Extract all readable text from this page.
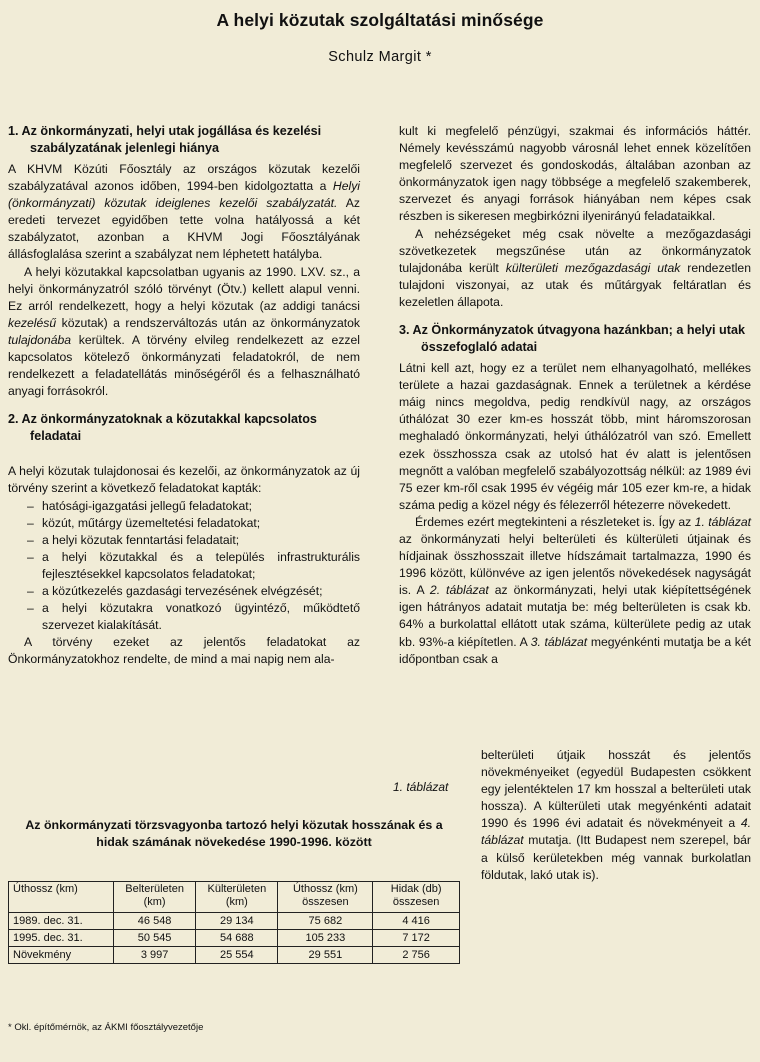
A helyi közutak szolgáltatási minősége
Schulz Margit *
1. Az önkormányzati, helyi utak jogállása és kezelési szabályzatának jelenlegi hiánya

A KHVM Közúti Főosztály az országos közutak kezelői szabályzatával azonos időben, 1994-ben kidolgoztatta a Helyi (önkormányzati) közutak ideiglenes kezelői szabályzatát. Az eredeti tervezet egyidőben tette volna hatályossá a két szabályzatot, azonban a KHVM Jogi Főosztályának állásfoglalása szerint a szabályzat nem léphetett hatályba.

A helyi közutakkal kapcsolatban ugyanis az 1990. LXV. sz., a helyi önkormányzatról szóló törvényt (Ötv.) kellett alapul venni. Ez arról rendelkezett, hogy a helyi közutak (az addigi tanácsi kezelésű közutak) a rendszerváltozás után az önkormányzatok tulajdonába kerültek. A törvény elvileg rendelkezett az ezzel kapcsolatos kötelező önkormányzati feladatokról, de nem rendelkezett a feladatellátás minőségéről és a felhasználható anyagi forrásokról.

2. Az önkormányzatoknak a közutakkal kapcsolatos feladatai

A helyi közutak tulajdonosai és kezelői, az önkormányzatok az új törvény szerint a következő feladatokat kapták:

– hatósági-igazgatási jellegű feladatokat;
– közút, műtárgy üzemeltetési feladatokat;
– a helyi közutak fenntartási feladatait;
– a helyi közutakkal és a település infrastrukturális fejlesztésekkel kapcsolatos feladatokat;
– a közútkezelés gazdasági tervezésének elvégzését;
– a helyi közutakra vonatkozó ügyintéző, működtető szervezet kialakítását.

A törvény ezeket az jelentős feladatokat az Önkormányzatokhoz rendelte, de mind a mai napig nem ala-

kult ki megfelelő pénzügyi, szakmai és információs háttér. Némely kevésszámú nagyobb városnál lehet ennek közelítően megfelelő szervezet és gondoskodás, általában azonban az önkormányzatok igen nagy többsége a megfelelő szakemberek, szervezet és anyagi források hiányában nem képes csak részben is sikeresen megbirkózni ilyenirányú feladataikkal.

A nehézségeket még csak növelte a mezőgazdasági szövetkezetek megszűnése után az önkormányzatok tulajdonába került külterületi mezőgazdasági utak rendezetlen tulajdoni viszonyai, az utak és műtárgyak feltáratlan és kezeletlen állapota.

3. Az Önkormányzatok útvagyona hazánkban; a helyi utak összefoglaló adatai

Látni kell azt, hogy ez a terület nem elhanyagolható, mellékes területe a hazai gazdaságnak. Ennek a területnek a kérdése máig nincs megoldva, pedig rendkívül nagy, az országos úthálózat 30 ezer km-es hosszát több, mint háromszorosan meghaladó önkormányzati, helyi úthálózatról van szó. Emellett ezek összhossza csak az utolsó hat év alatt is jelentősen megnőtt a valóban megfelelő szabályozottság nélkül: az 1989 évi 75 ezer km-ről csak 1995 év végéig már 105 ezer km-re, a hidak száma pedig a közel négy és félezerről hétezerre növekedett.

Érdemes ezért megtekinteni a részleteket is. Így az 1. táblázat az önkormányzati helyi belterületi és külterületi útjainak és hídjainak összhosszait illetve hídszámait tartalmazza, 1990 és 1996 között, különvéve az igen jelentős növekedések nagyságát is. A 2. táblázat az önkormányzati, helyi utak kiépítettségének igen hátrányos adatait mutatja be: még belterületen is csak kb. 64% a burkolattal ellátott utak száma, külterülete pedig az utak kb. 93%-a kiépítetlen. A 3. táblázat megyénkénti mutatja be a két időpontban csak a

belterületi útjaik hosszát és jelentős növekményeiket (egyedül Budapesten csökkent egy jelentéktelen 17 km hosszal a belterületi utak hossza). A külterületi utak megyénkénti adatait 1990 és 1996 évi adatait és növekményeit a 4. táblázat mutatja. (Itt Budapest nem szerepel, bár a külső kerületekben még vannak burkolatlan földutak, lakó utak is).

1. táblázat
Az önkormányzati törzsvagyonba tartozó helyi közutak hosszának és a hidak számának növekedése 1990-1996. között
Úthossz (km)	Belterületen (km)	Külterületen (km)	Úthossz (km) összesen	Hidak (db) összesen
1989. dec. 31.	46 548	29 134	75 682	4 416
1995. dec. 31.	50 545	54 688	105 233	7 172
Növekmény	3 997	25 554	29 551	2 756
* Okl. építőmérnök, az ÁKMI főosztályvezetője
